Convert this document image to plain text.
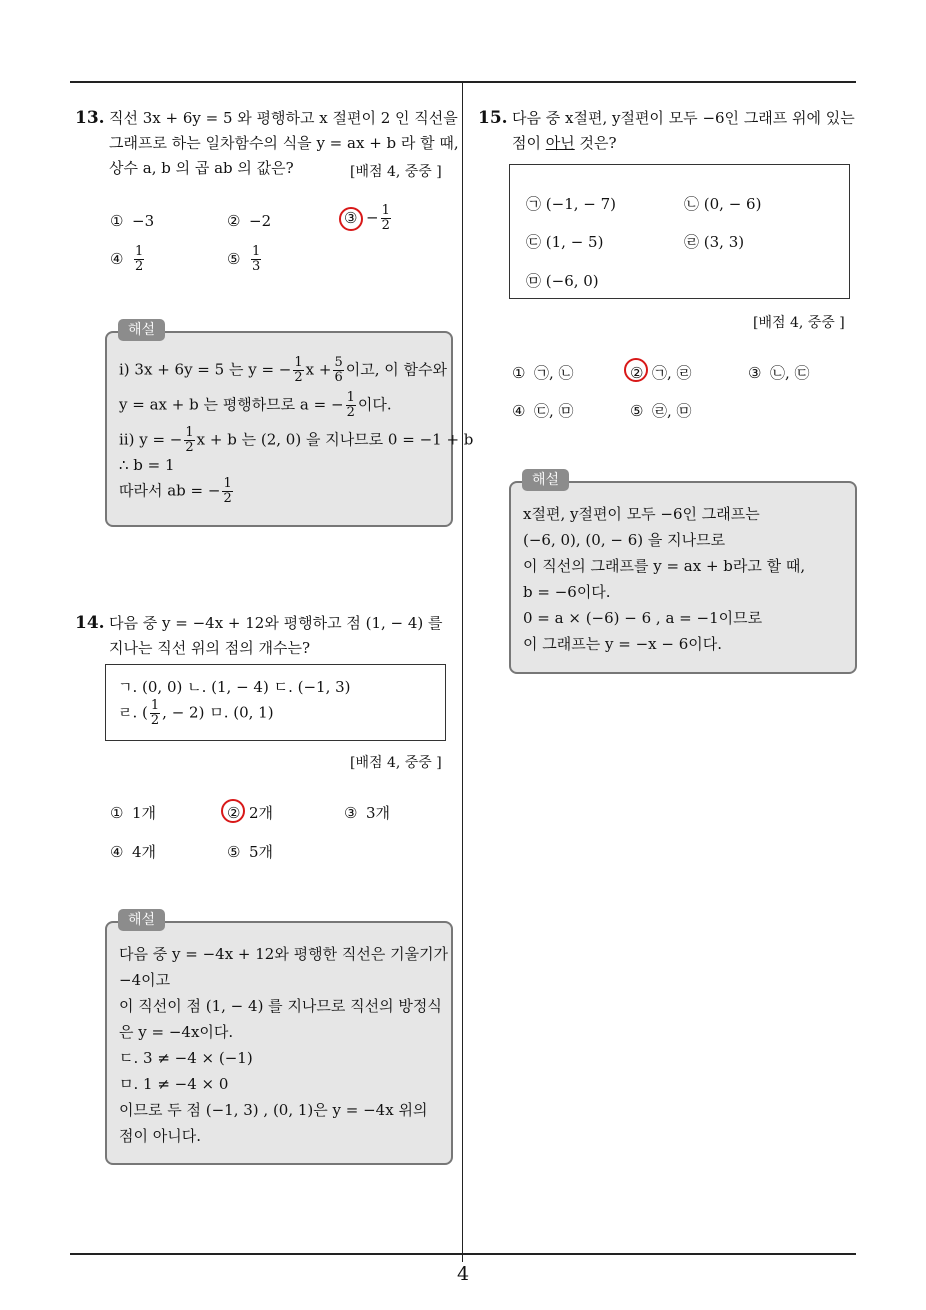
13. 직선 3x + 6y = 5 와 평행하고 x 절편이 2 인 직선을
그래프로 하는 일차함수의 식을 y = ax + b 라 할 때,
상수 a, b 의 곱 ab 의 값은?	[배점 4, 중중 ]
① −3	② −2	③ − $\frac{1}{2}$
④ $\frac{1}{2}$	⑤ $\frac{1}{3}$
ⅰ) 3x + 6y = 5 는 y = − $\frac{1}{2}$ $x + \frac{5}{6}$ 이고, 이 함수와
y = ax + b 는 평행하므로 a = − $\frac{1}{2}$ 이다.
ⅱ) y = − $\frac{1}{2}$ x + b 는 (2, 0) 을 지나므로 0 = −1 + b
∴ b = 1
따라서 ab = − $\frac{1}{2}$
해설
14. 다음 중 y = −4x + 12와 평행하고 점 (1, − 4) 를
지나는 직선 위의 점의 개수는?
ㄱ. (0, 0) ㄴ. (1, − 4) ㄷ. (−1, 3)
ㄹ. ( $\frac{1}{2}$ , − 2) ㅁ. (0, 1)
[배점 4, 중중 ]
① 1개	② 2개	③ 3개
④ 4개	⑤ 5개
다음 중 y = −4x + 12와 평행한 직선은 기울기가
−4이고
이 직선이 점 (1, − 4) 를 지나므로 직선의 방정식
은 y = −4x이다.
ㄷ. 3 ≠ −4 × (−1)
ㅁ. 1 ≠ −4 × 0
이므로 두 점 (−1, 3) , (0, 1)은 y = −4x 위의
점이 아니다.
해설
15. 다음 중 x절편, y절편이 모두 −6인 그래프 위에 있는
점이 아닌 것은?
㉠ (−1, − 7)	㉡ (0, − 6)
㉢ (1, − 5)	㉣ (3, 3)
㉤ (−6, 0)
[배점 4, 중중 ]
① ㉠, ㉡	② ㉠, ㉣	③ ㉡, ㉢
④ ㉢, ㉤	⑤ ㉣, ㉤
x절편, y절편이 모두 −6인 그래프는
(−6, 0), (0, − 6) 을 지나므로
이 직선의 그래프를 y = ax + b라고 할 때,
b = −6이다.
0 = a × (−6) − 6 , a = −1이므로
이 그래프는 y = −x − 6이다.
해설
4
